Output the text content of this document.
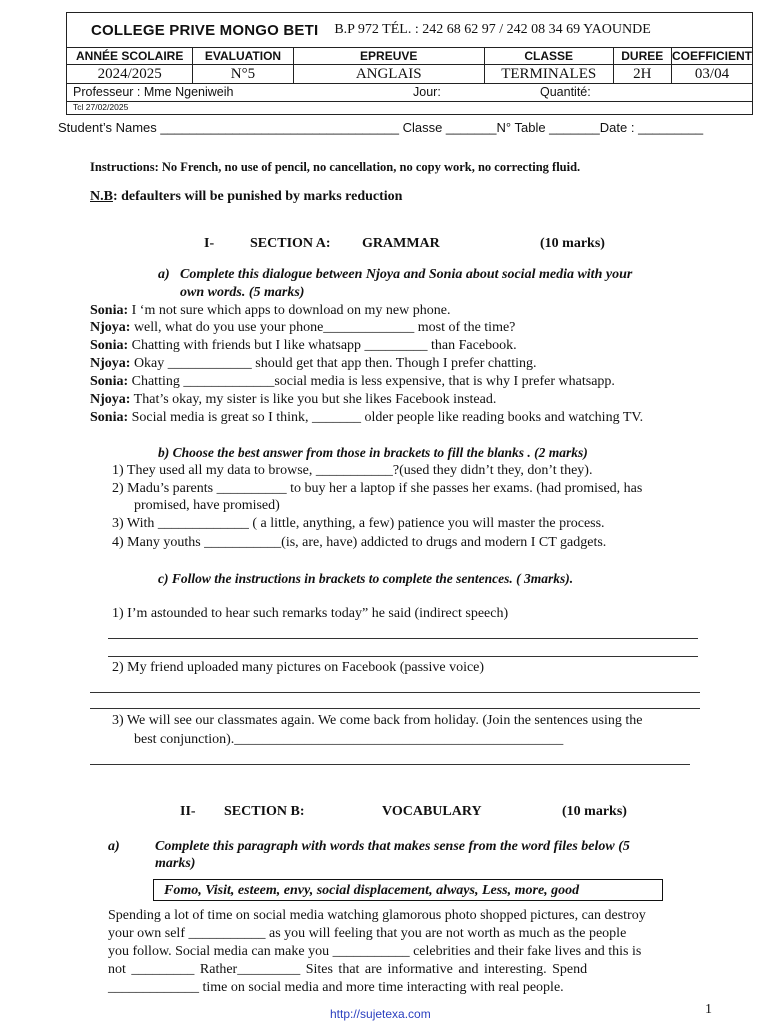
COLLEGE PRIVE MONGO BETI B.P 972 TÉL. : 242 68 62 97 / 242 08 34 69 YAOUNDE
ANNÉE SCOLAIRE	EVALUATION	EPREUVE	CLASSE	DUREE	COEFFICIENT
2024/2025	N°5	ANGLAIS	TERMINALES	2H	03/04
Professeur : Mme Ngeniweih	Jour:	Quantité:
Tcl 27/02/2025
Student’s Names _________________________________ Classe _______N° Table _______Date : _________
Instructions: No French, no use of pencil, no cancellation, no copy work, no correcting fluid.
N.B: defaulters will be punished by marks reduction
I-	SECTION A: GRAMMAR	(10 marks)
a) Complete this dialogue between Njoya and Sonia about social media with your
own words. (5 marks)
Sonia: I ‘m not sure which apps to download on my new phone.
Njoya: well, what do you use your phone_____________ most of the time?
Sonia: Chatting with friends but I like whatsapp _________ than Facebook.
Njoya: Okay ____________ should get that app then. Though I prefer chatting.
Sonia: Chatting _____________social media is less expensive, that is why I prefer whatsapp.
Njoya: That’s okay, my sister is like you but she likes Facebook instead.
Sonia: Social media is great so I think, _______ older people like reading books and watching TV.
b) Choose the best answer from those in brackets to fill the blanks . (2 marks)
1) They used all my data to browse, ___________?(used they didn’t they, don’t they).
2) Madu’s parents __________ to buy her a laptop if she passes her exams. (had promised, has
promised, have promised)
3) With _____________ ( a little, anything, a few) patience you will master the process.
4) Many youths ___________(is, are, have) addicted to drugs and modern I CT gadgets.
c) Follow the instructions in brackets to complete the sentences. ( 3marks).
1) I’m astounded to hear such remarks today” he said (indirect speech)
2) My friend uploaded many pictures on Facebook (passive voice)
3) We will see our classmates again. We come back from holiday. (Join the sentences using the
best conjunction)._______________________________________________
II- SECTION B:	VOCABULARY	(10 marks)
a)	Complete this paragraph with words that makes sense from the word files below (5
marks)
Fomo, Visit, esteem, envy, social displacement, always, Less, more, good
Spending a lot of time on social media watching glamorous photo shopped pictures, can destroy
your own self ___________ as you will feeling that you are not worth as much as the people
you follow. Social media can make you ___________ celebrities and their fake lives and this is
not _________ Rather_________ Sites that are informative and interesting. Spend
_____________ time on social media and more time interacting with real people.
http://sujetexa.com	1
